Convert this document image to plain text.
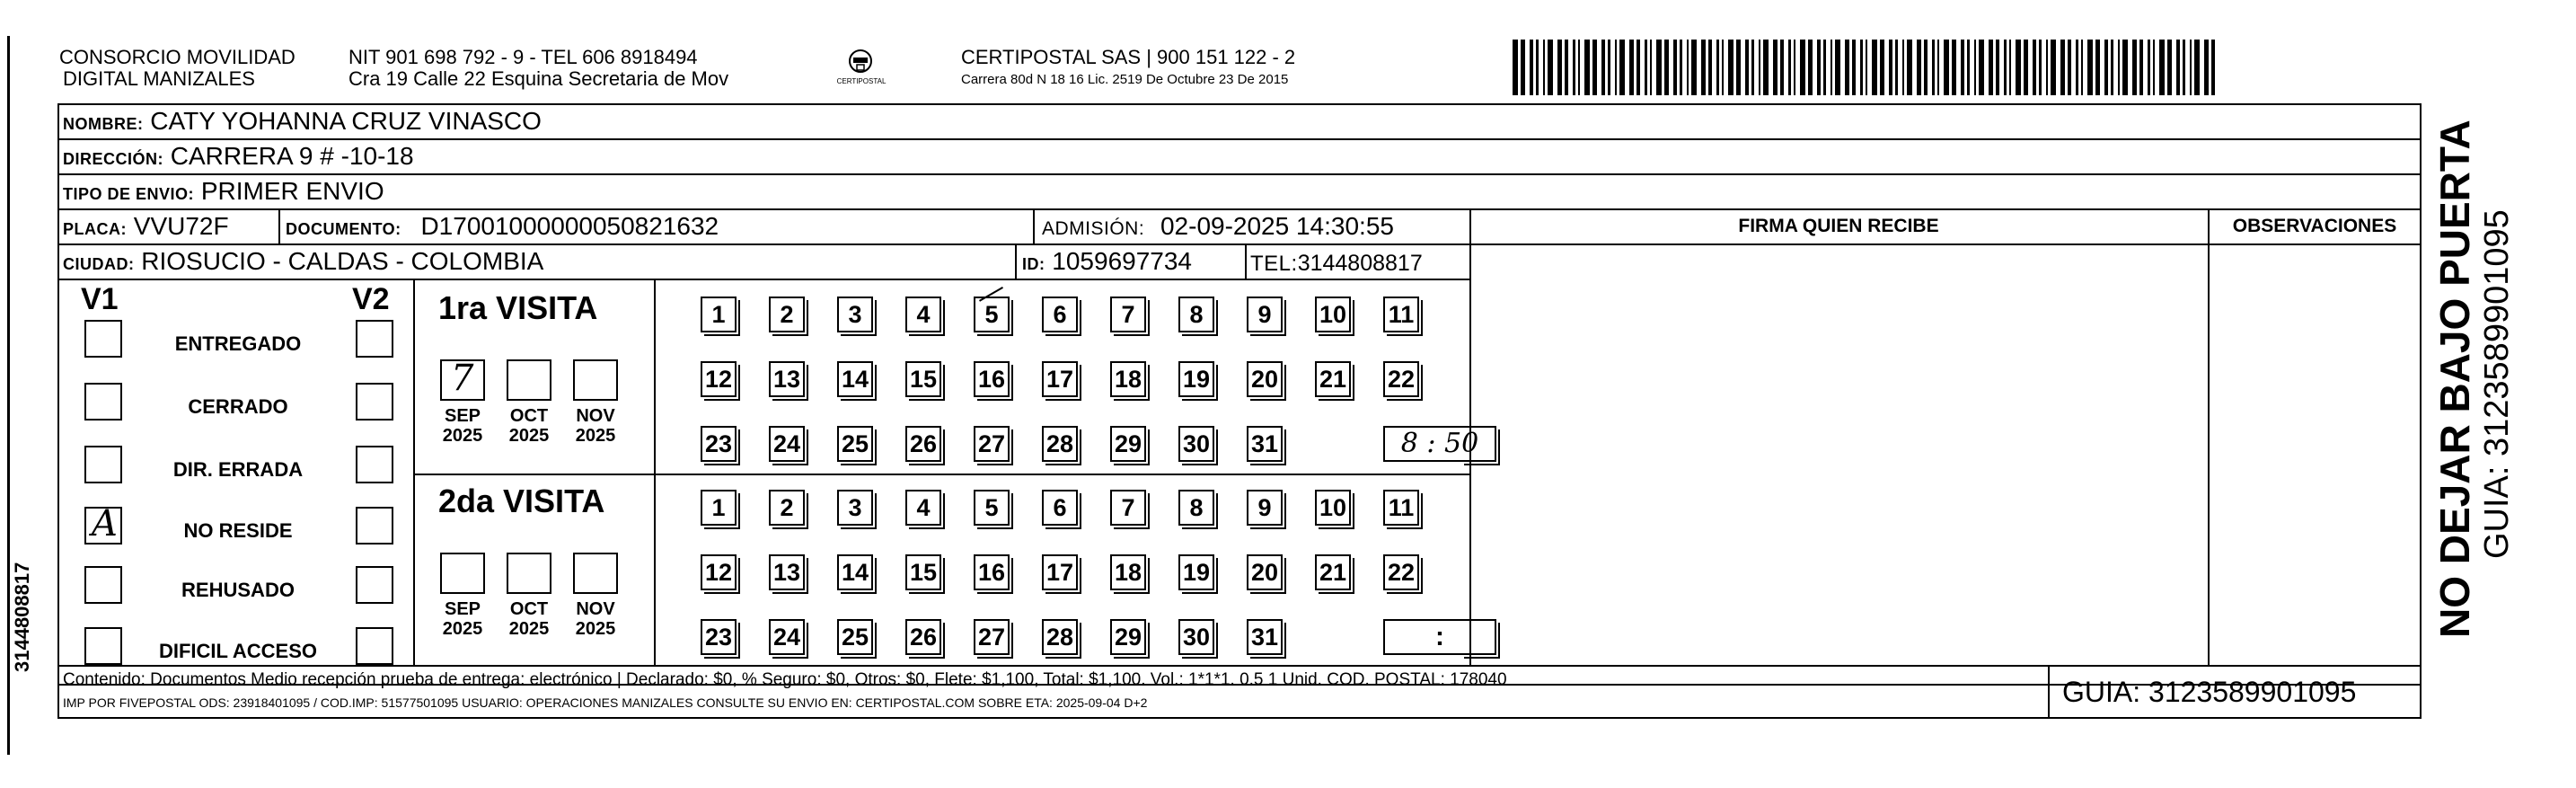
3144808817
CONSORCIO MOVILIDAD
DIGITAL MANIZALES
NIT 901 698 792 - 9 - TEL 606 8918494
Cra 19 Calle 22 Esquina Secretaria de Mov	CERTIPOSTAL
CERTIPOSTAL SAS | 900 151 122 - 2
Carrera 80d N 18 16 Lic. 2519 De Octubre 23 De 2015
NOMBRE: CATY YOHANNA CRUZ VINASCO
DIRECCIÓN: CARRERA 9 # -10-18
TIPO DE ENVIO: PRIMER ENVIO
FIRMA QUIEN RECIBE	OBSERVACIONES
PLACA: VVU72F	DOCUMENTO: D17001000000050821632	ADMISIÓN: 02-09-2025 14:30:55
CIUDAD: RIOSUCIO - CALDAS - COLOMBIA	ID: 1059697734	TEL:3144808817
V1	V2
ENTREGADO
CERRADO
DIR. ERRADA
A	NO RESIDE
REHUSADO
DIFICIL ACCESO
1ra VISITA
7
SEP
2025
OCT
2025
NOV
2025
1	2	3	4	5	6	7	8	9	10 11
12 13 14 15 16 17 18 19 20 21 22
23 24 25 26 27 28 29 30 31	8 : 50
2da VISITA
SEP
2025
OCT
2025
NOV
2025
1	2	3	4	5	6	7	8	9	10 11
12 13 14 15 16 17 18 19 20 21 22
23 24 25 26 27 28 29 30 31	:
Contenido: Documentos Medio recepción prueba de entrega: electrónico | Declarado: $0, % Seguro: $0, Otros: $0, Flete: $1,100, Total: $1,100. Vol.: 1*1*1. 0.5 1 Unid. COD. POSTAL: 178040
IMP POR FIVEPOSTAL ODS: 23918401095 / COD.IMP: 51577501095 USUARIO: OPERACIONES MANIZALES CONSULTE SU ENVIO EN: CERTIPOSTAL.COM SOBRE ETA: 2025-09-04 D+2	GUIA: 3123589901095
NO DEJAR BAJO PUERTA GUIA: 3123589901095
